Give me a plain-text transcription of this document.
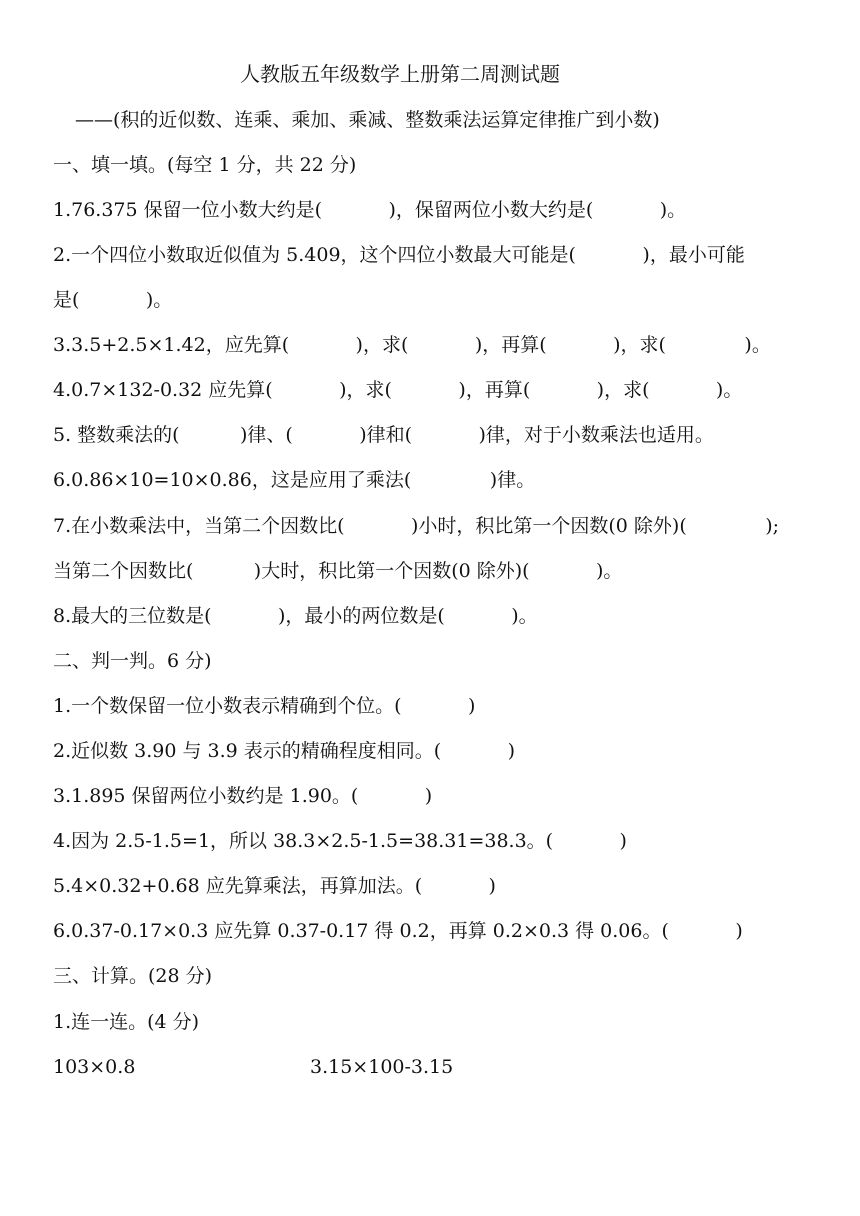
人教版五年级数学上册第二周测试题
——(积的近似数、连乘、乘加、乘减、整数乘法运算定律推广到小数)
一、填一填。(每空 1 分，共 22 分)
1.76.375 保留一位小数大约是(           )，保留两位小数大约是(           )。
2.一个四位小数取近似值为 5.409，这个四位小数最大可能是(           )，最小可能
是(           )。
3.3.5+2.5×1.42，应先算(           )，求(           )，再算(           )，求(             )。
4.0.7×132-0.32 应先算(           )，求(           )，再算(           )，求(           )。
5. 整数乘法的(          )律、(           )律和(           )律，对于小数乘法也适用。
6.0.86×10=10×0.86，这是应用了乘法(             )律。
7.在小数乘法中，当第二个因数比(           )小时，积比第一个因数(0 除外)(             );
当第二个因数比(          )大时，积比第一个因数(0 除外)(           )。
8.最大的三位数是(           )，最小的两位数是(           )。
二、判一判。6 分)
1.一个数保留一位小数表示精确到个位。(           )
2.近似数 3.90 与 3.9 表示的精确程度相同。(           )
3.1.895 保留两位小数约是 1.90。(           )
4.因为 2.5-1.5=1，所以 38.3×2.5-1.5=38.31=38.3。(           )
5.4×0.32+0.68 应先算乘法，再算加法。(           )
6.0.37-0.17×0.3 应先算 0.37-0.17 得 0.2，再算 0.2×0.3 得 0.06。(           )
三、计算。(28 分)
1.连一连。(4 分)
103×0.8	3.15×100-3.15
